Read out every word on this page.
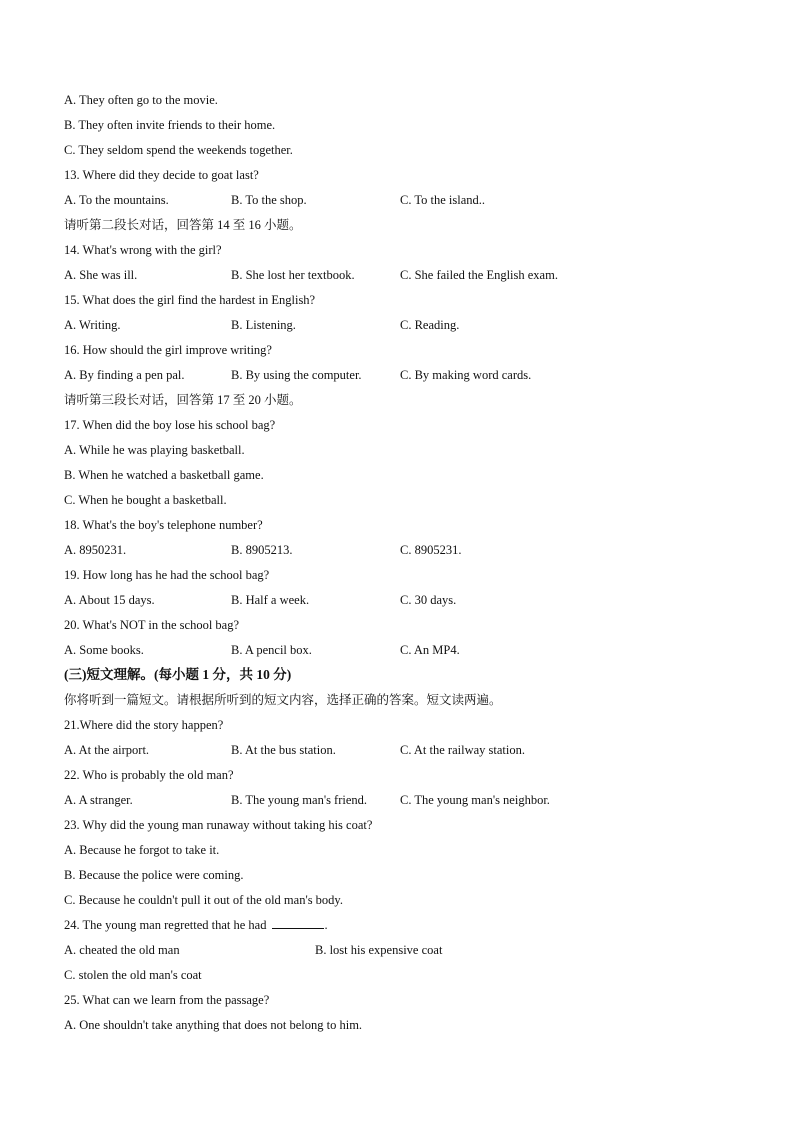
A. They often go to the movie.
B. They often invite friends to their home.
C. They seldom spend the weekends together.
13. Where did they decide to goat last?
A. To the mountains.	B. To the shop.	C. To the island..
请听第二段长对话，回答第 14 至 16 小题。
14. What's wrong with the girl?
A. She was ill.	B. She lost her textbook.	C. She failed the English exam.
15. What does the girl find the hardest in English?
A. Writing.	B. Listening.	C. Reading.
16. How should the girl improve writing?
A. By finding a pen pal.	B. By using the computer.	C. By making word cards.
请听第三段长对话，回答第 17 至 20 小题。
17. When did the boy lose his school bag?
A. While he was playing basketball.
B. When he watched a basketball game.
C. When he bought a basketball.
18. What's the boy's telephone number?
A. 8950231.	B. 8905213.	C. 8905231.
19. How long has he had the school bag?
A. About 15 days.	B. Half a week.	C. 30 days.
20. What's NOT in the school bag?
A. Some books.	B. A pencil box.	C. An MP4.
(三)短文理解。(每小题 1 分，共 10 分)
你将听到一篇短文。请根据所听到的短文内容，选择正确的答案。短文读两遍。
21.Where did the story happen?
A. At the airport.	B. At the bus station.	C. At the railway station.
22. Who is probably the old man?
A. A stranger.	B. The young man's friend.	C. The young man's neighbor.
23. Why did the young man runaway without taking his coat?
A. Because he forgot to take it.
B. Because the police were coming.
C. Because he couldn't pull it out of the old man's body.
24. The young man regretted that he had	.
A. cheated the old man	B. lost his expensive coat
C. stolen the old man's coat
25. What can we learn from the passage?
A. One shouldn't take anything that does not belong to him.
